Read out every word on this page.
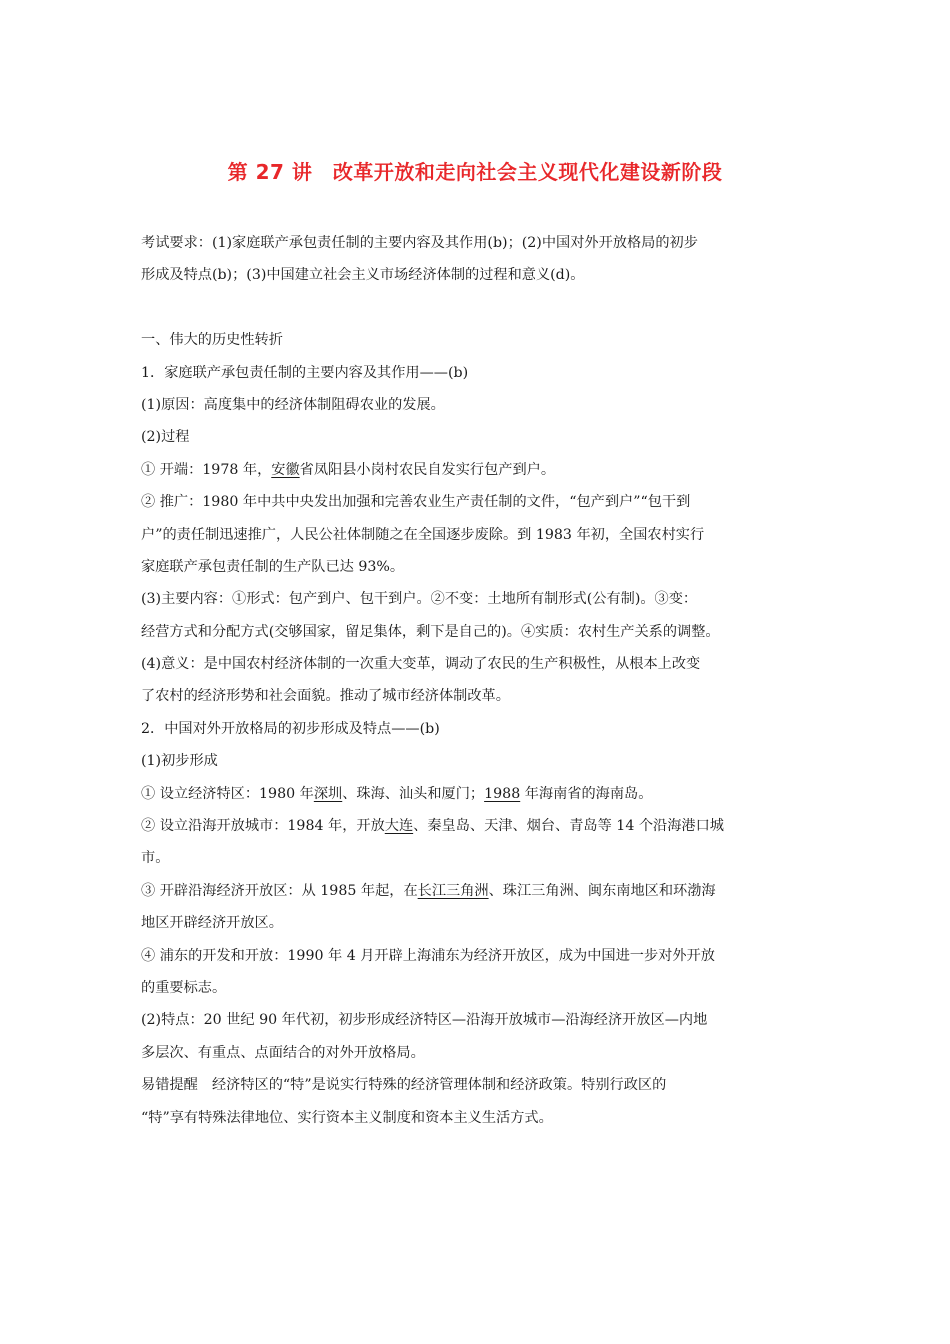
第 27 讲　改革开放和走向社会主义现代化建设新阶段
考试要求：(1)家庭联产承包责任制的主要内容及其作用(b)；(2)中国对外开放格局的初步
形成及特点(b)；(3)中国建立社会主义市场经济体制的过程和意义(d)。
一、伟大的历史性转折
1．家庭联产承包责任制的主要内容及其作用——(b)
(1)原因：高度集中的经济体制阻碍农业的发展。
(2)过程
① 开端：1978 年，安徽省凤阳县小岗村农民自发实行包产到户。
② 推广：1980 年中共中央发出加强和完善农业生产责任制的文件，“包产到户”“包干到
户”的责任制迅速推广，人民公社体制随之在全国逐步废除。到 1983 年初，全国农村实行
家庭联产承包责任制的生产队已达 93%。
(3)主要内容：①形式：包产到户、包干到户。②不变：土地所有制形式(公有制)。③变：
经营方式和分配方式(交够国家，留足集体，剩下是自己的)。④实质：农村生产关系的调整。
(4)意义：是中国农村经济体制的一次重大变革，调动了农民的生产积极性，从根本上改变
了农村的经济形势和社会面貌。推动了城市经济体制改革。
2．中国对外开放格局的初步形成及特点——(b)
(1)初步形成
① 设立经济特区：1980 年深圳、珠海、汕头和厦门；1988 年海南省的海南岛。
② 设立沿海开放城市：1984 年，开放大连、秦皇岛、天津、烟台、青岛等 14 个沿海港口城
市。
③ 开辟沿海经济开放区：从 1985 年起，在长江三角洲、珠江三角洲、闽东南地区和环渤海
地区开辟经济开放区。
④ 浦东的开发和开放：1990 年 4 月开辟上海浦东为经济开放区，成为中国进一步对外开放
的重要标志。
(2)特点：20 世纪 90 年代初，初步形成经济特区—沿海开放城市—沿海经济开放区—内地
多层次、有重点、点面结合的对外开放格局。
易错提醒　经济特区的“特”是说实行特殊的经济管理体制和经济政策。特别行政区的
“特”享有特殊法律地位、实行资本主义制度和资本主义生活方式。
